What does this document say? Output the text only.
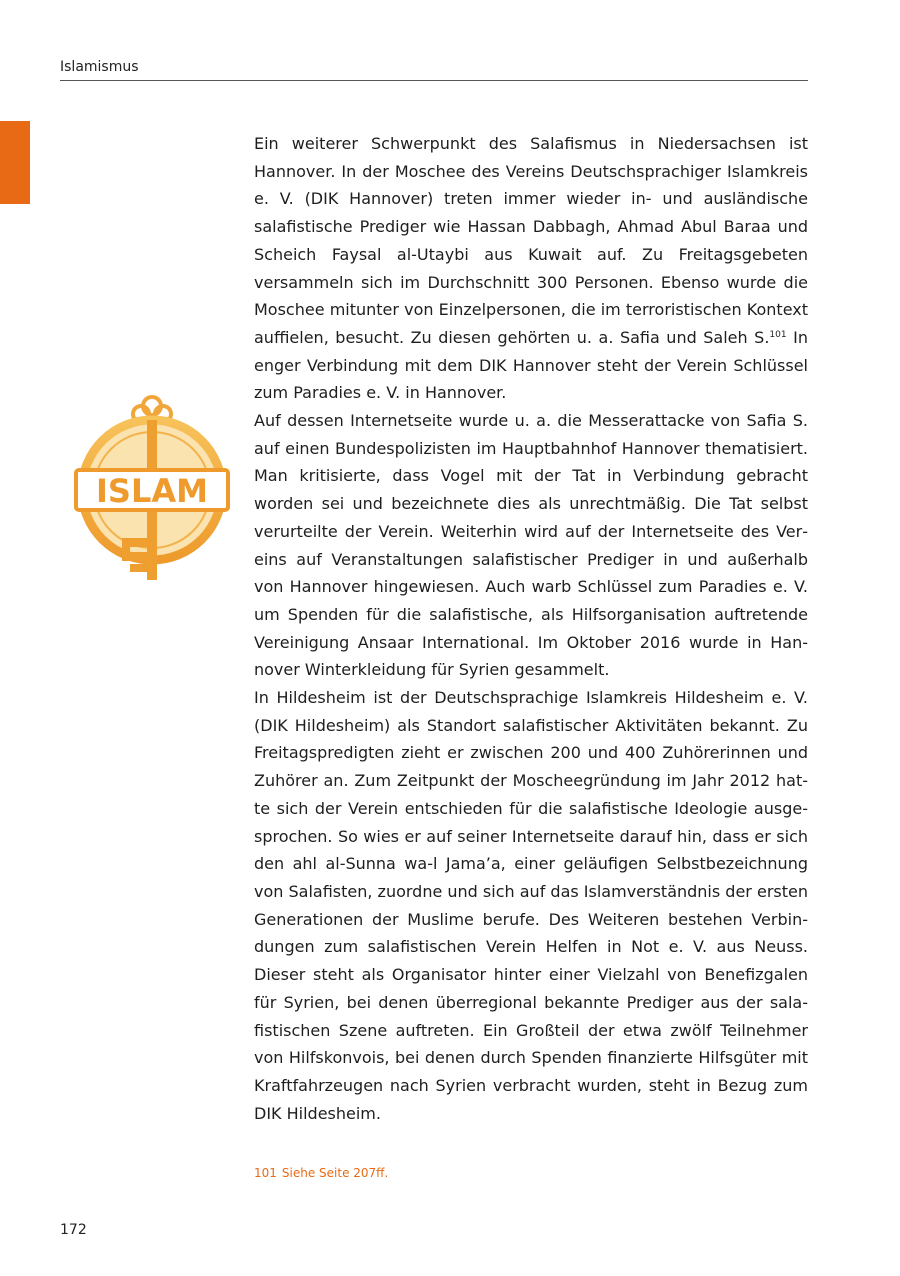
Islamismus
ISLAM

Ein weiterer Schwerpunkt des Salafismus in Niedersachsen ist Hannover. In der Moschee des Vereins Deutschsprachiger Islamkreis e. V. (DIK Hannover) treten immer wieder in- und ausländische salafistische Prediger wie Hassan Dabbagh, Ahmad Abul Baraa und Scheich Faysal al-Utaybi aus Kuwait auf. Zu Freitagsgebeten versammeln sich im Durchschnitt 300 Personen. Ebenso wurde die Moschee mitunter von Einzelpersonen, die im terroristischen Kontext auffielen, besucht. Zu diesen gehörten u. a. Safia und Saleh S.$^{101}$ In enger Verbindung mit dem DIK Hannover steht der Verein Schlüssel zum Paradies e. V. in Hannover.

Auf dessen Internetseite wurde u. a. die Messerattacke von Safia S. auf einen Bundespolizisten im Hauptbahnhof Hannover thematisiert. Man kritisierte, dass Vogel mit der Tat in Verbindung gebracht worden sei und bezeichnete dies als unrechtmäßig. Die Tat selbst verurteilte der Verein. Weiterhin wird auf der Internetseite des Vereins auf Veranstaltungen salafistischer Prediger in und außerhalb von Hannover hingewiesen. Auch warb Schlüssel zum Paradies e. V. um Spenden für die salafistische, als Hilfsorganisation auftretende Vereinigung Ansaar International. Im Oktober 2016 wurde in Hannover Winterkleidung für Syrien gesammelt.

In Hildesheim ist der Deutschsprachige Islamkreis Hildesheim e. V. (DIK Hildesheim) als Standort salafistischer Aktivitäten bekannt. Zu Freitagspredigten zieht er zwischen 200 und 400 Zuhörerinnen und Zuhörer an. Zum Zeitpunkt der Moscheegründung im Jahr 2012 hatte sich der Verein entschieden für die salafistische Ideologie ausgesprochen. So wies er auf seiner Internetseite darauf hin, dass er sich den ahl al-Sunna wa-l Jama’a, einer geläufigen Selbstbezeichnung von Salafisten, zuordne und sich auf das Islamverständnis der ersten Generationen der Muslime berufe. Des Weiteren bestehen Verbindungen zum salafistischen Verein Helfen in Not e. V. aus Neuss. Dieser steht als Organisator hinter einer Vielzahl von Benefizgalen für Syrien, bei denen überregional bekannte Prediger aus der salafistischen Szene auftreten. Ein Großteil der etwa zwölf Teilnehmer von Hilfskonvois, bei denen durch Spenden finanzierte Hilfsgüter mit Kraftfahrzeugen nach Syrien verbracht wurden, steht in Bezug zum DIK Hildesheim.

101 Siehe Seite 207ff.
172
